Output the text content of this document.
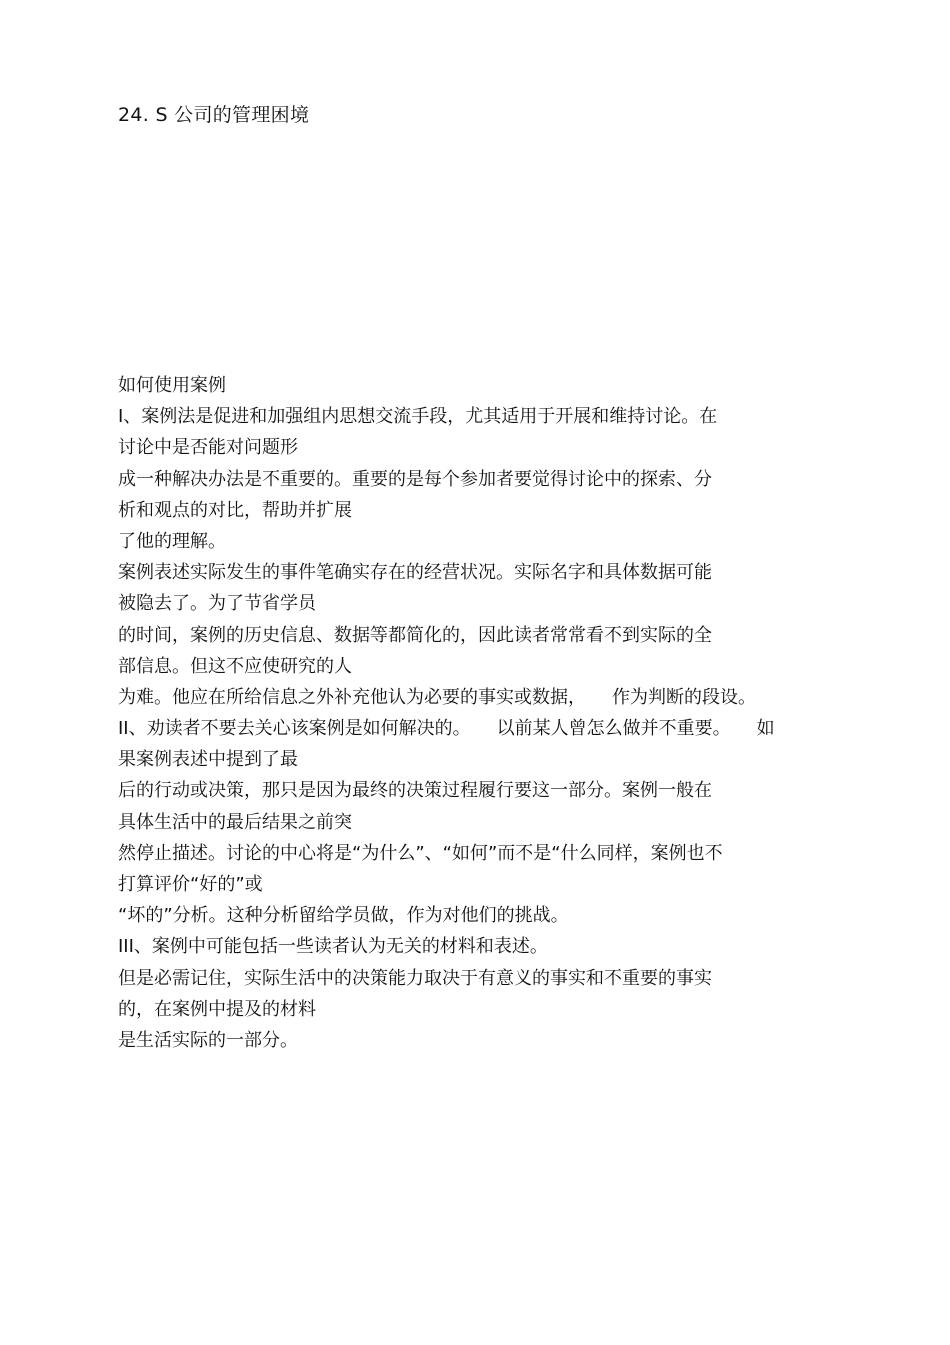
24. S 公司的管理困境
如何使用案例
I、案例法是促进和加强组内思想交流手段，尤其适用于开展和维持讨论。在
讨论中是否能对问题形
成一种解决办法是不重要的。重要的是每个参加者要觉得讨论中的探索、分
析和观点的对比，帮助并扩展
了他的理解。
案例表述实际发生的事件笔确实存在的经营状况。实际名字和具体数据可能
被隐去了。为了节省学员
的时间，案例的历史信息、数据等都简化的，因此读者常常看不到实际的全
部信息。但这不应使研究的人
为难。他应在所给信息之外补充他认为必要的事实或数据， 作为判断的段设。
II、劝读者不要去关心该案例是如何解决的。 以前某人曾怎么做并不重要。 如
果案例表述中提到了最
后的行动或决策，那只是因为最终的决策过程履行要这一部分。案例一般在
具体生活中的最后结果之前突
然停止描述。讨论的中心将是“为什么”、“如何”而不是“什么同样，案例也不
打算评价“好的”或
“坏的”分析。这种分析留给学员做，作为对他们的挑战。
III、案例中可能包括一些读者认为无关的材料和表述。
但是必需记住，实际生活中的决策能力取决于有意义的事实和不重要的事实
的，在案例中提及的材料
是生活实际的一部分。
